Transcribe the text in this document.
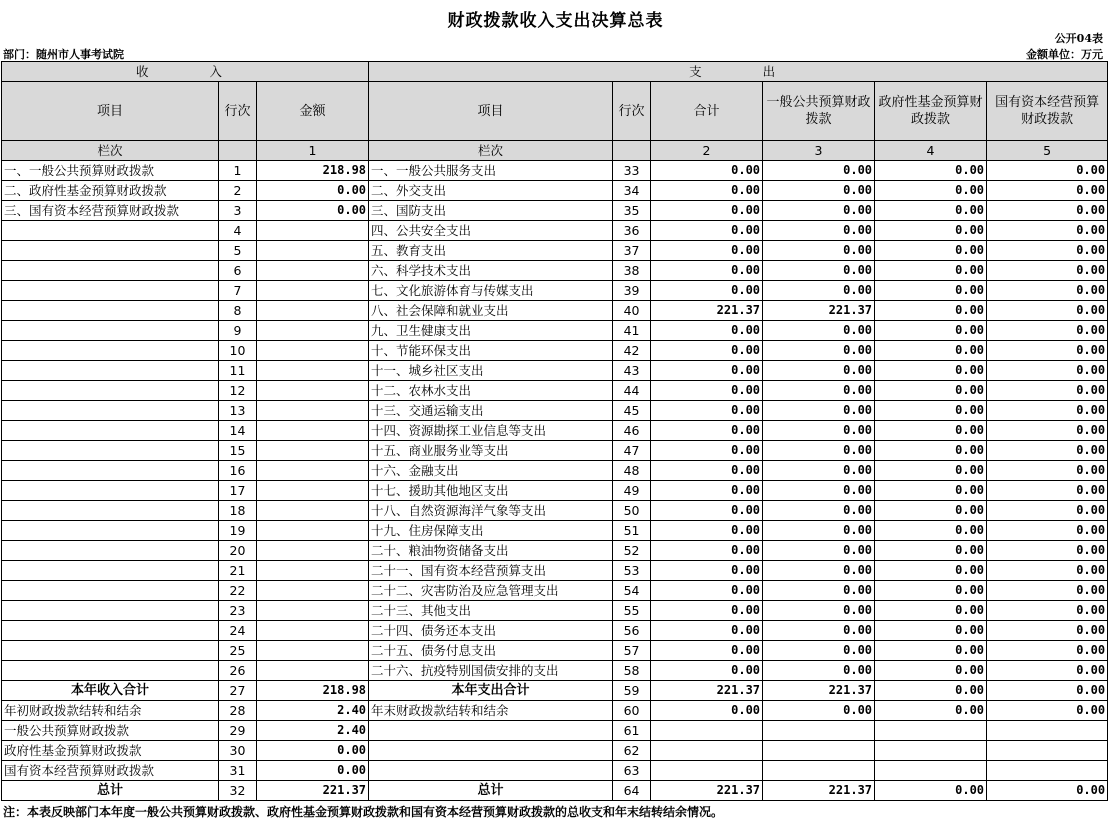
财政拨款收入支出决算总表
公开04表
部门：随州市人事考试院	金额单位：万元
收　　入			支　　出					
项目	行次	金额	项目	行次	合计	一般公共预算财政拨款	政府性基金预算财政拨款	国有资本经营预算财政拨款
栏次		1	栏次		2	3	4	5
一、一般公共预算财政拨款	1	218.98	一、一般公共服务支出	33	0.00	0.00	0.00	0.00
二、政府性基金预算财政拨款	2	0.00	二、外交支出	34	0.00	0.00	0.00	0.00
三、国有资本经营预算财政拨款	3	0.00	三、国防支出	35	0.00	0.00	0.00	0.00
	4		四、公共安全支出	36	0.00	0.00	0.00	0.00
	5		五、教育支出	37	0.00	0.00	0.00	0.00
	6		六、科学技术支出	38	0.00	0.00	0.00	0.00
	7		七、文化旅游体育与传媒支出	39	0.00	0.00	0.00	0.00
	8		八、社会保障和就业支出	40	221.37	221.37	0.00	0.00
	9		九、卫生健康支出	41	0.00	0.00	0.00	0.00
	10		十、节能环保支出	42	0.00	0.00	0.00	0.00
	11		十一、城乡社区支出	43	0.00	0.00	0.00	0.00
	12		十二、农林水支出	44	0.00	0.00	0.00	0.00
	13		十三、交通运输支出	45	0.00	0.00	0.00	0.00
	14		十四、资源勘探工业信息等支出	46	0.00	0.00	0.00	0.00
	15		十五、商业服务业等支出	47	0.00	0.00	0.00	0.00
	16		十六、金融支出	48	0.00	0.00	0.00	0.00
	17		十七、援助其他地区支出	49	0.00	0.00	0.00	0.00
	18		十八、自然资源海洋气象等支出	50	0.00	0.00	0.00	0.00
	19		十九、住房保障支出	51	0.00	0.00	0.00	0.00
	20		二十、粮油物资储备支出	52	0.00	0.00	0.00	0.00
	21		二十一、国有资本经营预算支出	53	0.00	0.00	0.00	0.00
	22		二十二、灾害防治及应急管理支出	54	0.00	0.00	0.00	0.00
	23		二十三、其他支出	55	0.00	0.00	0.00	0.00
	24		二十四、债务还本支出	56	0.00	0.00	0.00	0.00
	25		二十五、债务付息支出	57	0.00	0.00	0.00	0.00
	26		二十六、抗疫特别国债安排的支出	58	0.00	0.00	0.00	0.00
本年收入合计	27	218.98	本年支出合计	59	221.37	221.37	0.00	0.00
年初财政拨款结转和结余	28	2.40	年末财政拨款结转和结余	60	0.00	0.00	0.00	0.00
一般公共预算财政拨款	29	2.40		61				
政府性基金预算财政拨款	30	0.00		62				
国有资本经营预算财政拨款	31	0.00		63				
总计	32	221.37	总计	64	221.37	221.37	0.00	0.00
注：本表反映部门本年度一般公共预算财政拨款、政府性基金预算财政拨款和国有资本经营预算财政拨款的总收支和年末结转结余情况。
